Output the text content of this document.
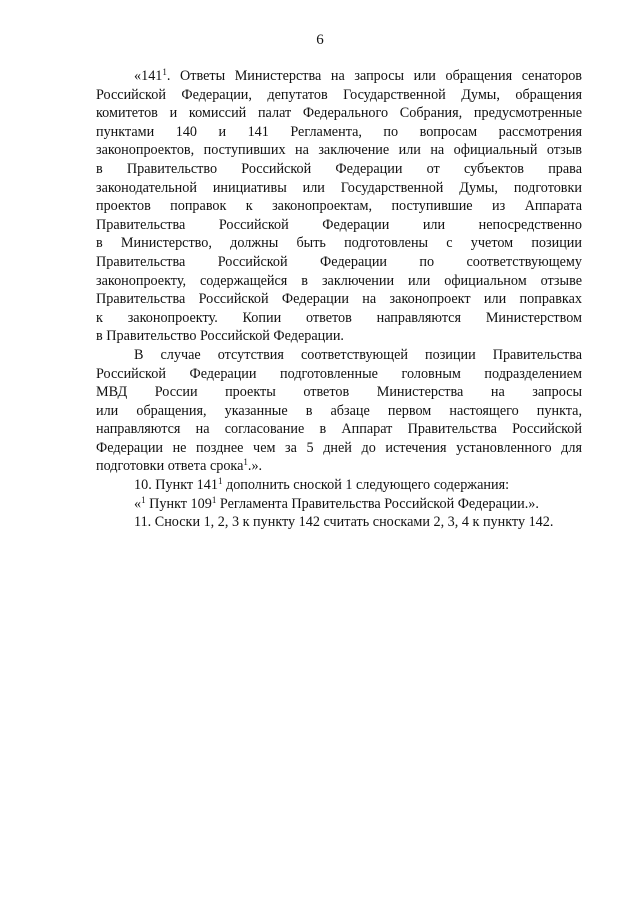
6
«$141^1$. Ответы Министерства на запросы или обращения сенаторов
Российской Федерации, депутатов Государственной Думы, обращения
комитетов и комиссий палат Федерального Собрания, предусмотренные
пунктами 140 и 141 Регламента, по вопросам рассмотрения
законопроектов, поступивших на заключение или на официальный отзыв
в Правительство Российской Федерации от субъектов права
законодательной инициативы или Государственной Думы, подготовки
проектов поправок к законопроектам, поступившие из Аппарата
Правительства Российской Федерации или непосредственно
в Министерство, должны быть подготовлены с учетом позиции
Правительства Российской Федерации по соответствующему
законопроекту, содержащейся в заключении или официальном отзыве
Правительства Российской Федерации на законопроект или поправках
к законопроекту. Копии ответов направляются Министерством
в Правительство Российской Федерации.
В случае отсутствия соответствующей позиции Правительства
Российской Федерации подготовленные головным подразделением
МВД России проекты ответов Министерства на запросы
или обращения, указанные в абзаце первом настоящего пункта,
направляются на согласование в Аппарат Правительства Российской
Федерации не позднее чем за 5 дней до истечения установленного для
подготовки ответа срока$^1$.».
10. Пункт $141^1$ дополнить сноской 1 следующего содержания:
«$^1$ Пункт $109^1$ Регламента Правительства Российской Федерации.».
11. Сноски 1, 2, 3 к пункту 142 считать сносками 2, 3, 4 к пункту 142.
